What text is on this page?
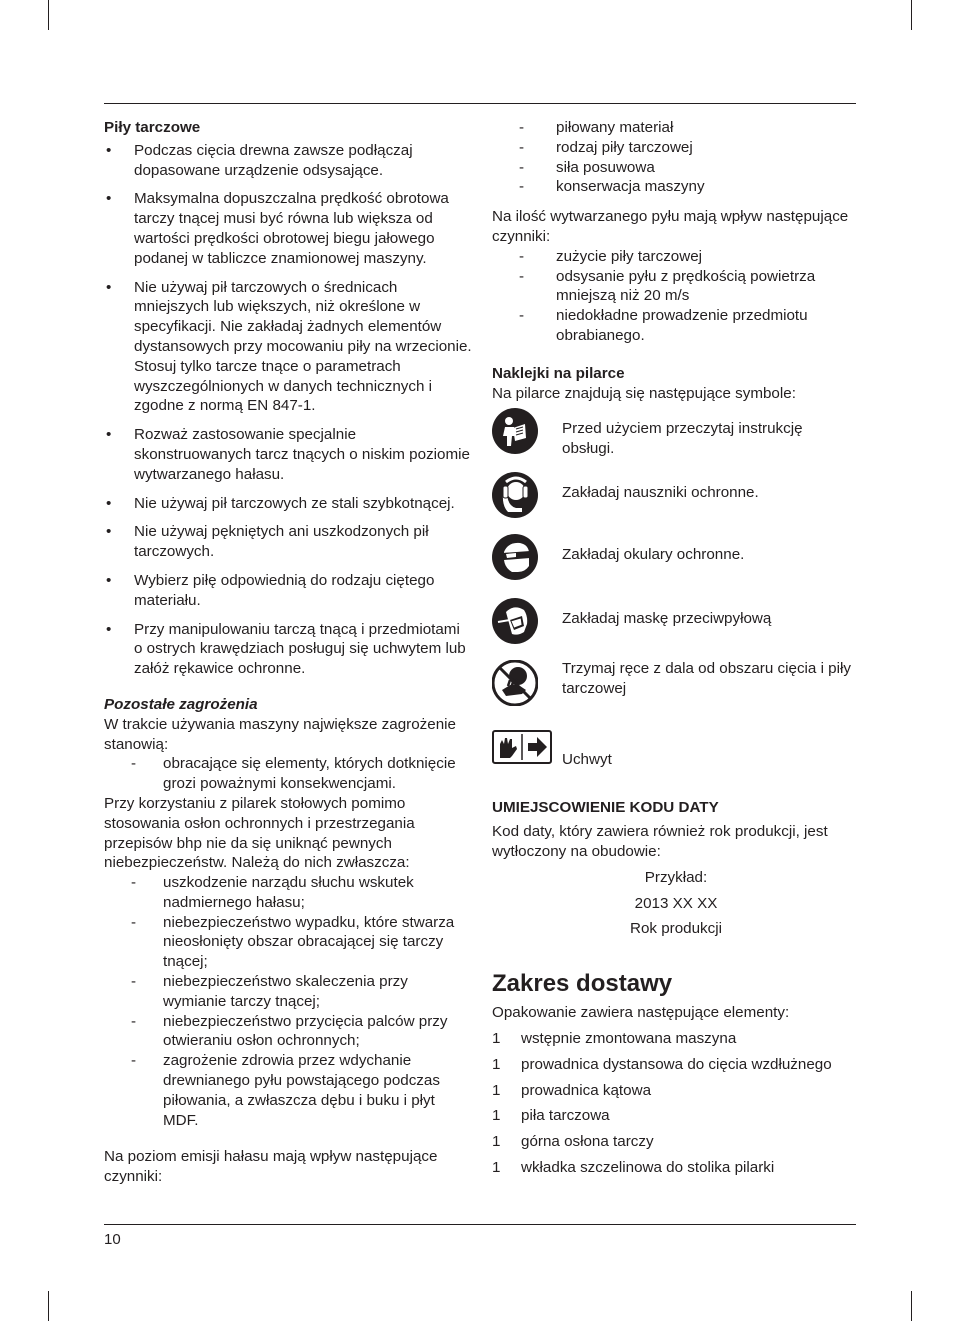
Piły tarczowe
• Podczas cięcia drewna zawsze podłączaj dopasowane urządzenie odsysające.
• Maksymalna dopuszczalna prędkość obrotowa tarczy tnącej musi być równa lub większa od wartości prędkości obrotowej biegu jałowego podanej w tabliczce znamionowej maszyny.
• Nie używaj pił tarczowych o średnicach mniejszych lub większych, niż określone w specyfikacji. Nie zakładaj żadnych elementów dystansowych przy mocowaniu piły na wrzecionie. Stosuj tylko tarcze tnące o parametrach wyszczególnionych w danych technicznych i zgodne z normą EN 847-1.
• Rozważ zastosowanie specjalnie skonstruowanych tarcz tnących o niskim poziomie wytwarzanego hałasu.
• Nie używaj pił tarczowych ze stali szybkotnącej.
• Nie używaj pękniętych ani uszkodzonych pił tarczowych.
• Wybierz piłę odpowiednią do rodzaju ciętego materiału.
• Przy manipulowaniu tarczą tnącą i przedmiotami o ostrych krawędziach posługuj się uchwytem lub załóż rękawice ochronne.
Pozostałe zagrożenia

W trakcie używania maszyny największe zagrożenie stanowią:

- obracające się elementy, których dotknięcie grozi poważnymi konsekwencjami.

Przy korzystaniu z pilarek stołowych pomimo stosowania osłon ochronnych i przestrzegania przepisów bhp nie da się uniknąć pewnych niebezpieczeństw. Należą do nich zwłaszcza:

- uszkodzenie narządu słuchu wskutek nadmiernego hałasu;
- niebezpieczeństwo wypadku, które stwarza nieosłonięty obszar obracającej się tarczy tnącej;
- niebezpieczeństwo skaleczenia przy wymianie tarczy tnącej;
- niebezpieczeństwo przycięcia palców przy otwieraniu osłon ochronnych;
- zagrożenie zdrowia przez wdychanie drewnianego pyłu powstającego podczas piłowania, a zwłaszcza dębu i buku i płyt MDF.

Na poziom emisji hałasu mają wpływ następujące czynniki:

- piłowany materiał
- rodzaj piły tarczowej
- siła posuwowa
- konserwacja maszyny

Na ilość wytwarzanego pyłu mają wpływ następujące czynniki:

- zużycie piły tarczowej
- odsysanie pyłu z prędkością powietrza mniejszą niż 20 m/s
- niedokładne prowadzenie przedmiotu obrabianego.
Naklejki na pilarce

Na pilarce znajdują się następujące symbole:

Przed użyciem przeczytaj instrukcję obsługi.
Zakładaj nauszniki ochronne.
Zakładaj okulary ochronne.
Zakładaj maskę przeciwpyłową
Trzymaj ręce z dala od obszaru cięcia i piły tarczowej
Uchwyt
UMIEJSCOWIENIE KODU DATY

Kod daty, który zawiera również rok produkcji, jest wytłoczony na obudowie:

Przykład:

2013 XX XX

Rok produkcji

Zakres dostawy

Opakowanie zawiera następujące elementy:

1 wstępnie zmontowana maszyna
1 prowadnica dystansowa do cięcia wzdłużnego
1 prowadnica kątowa
1 piła tarczowa
1 górna osłona tarczy
1 wkładka szczelinowa do stolika pilarki
10
